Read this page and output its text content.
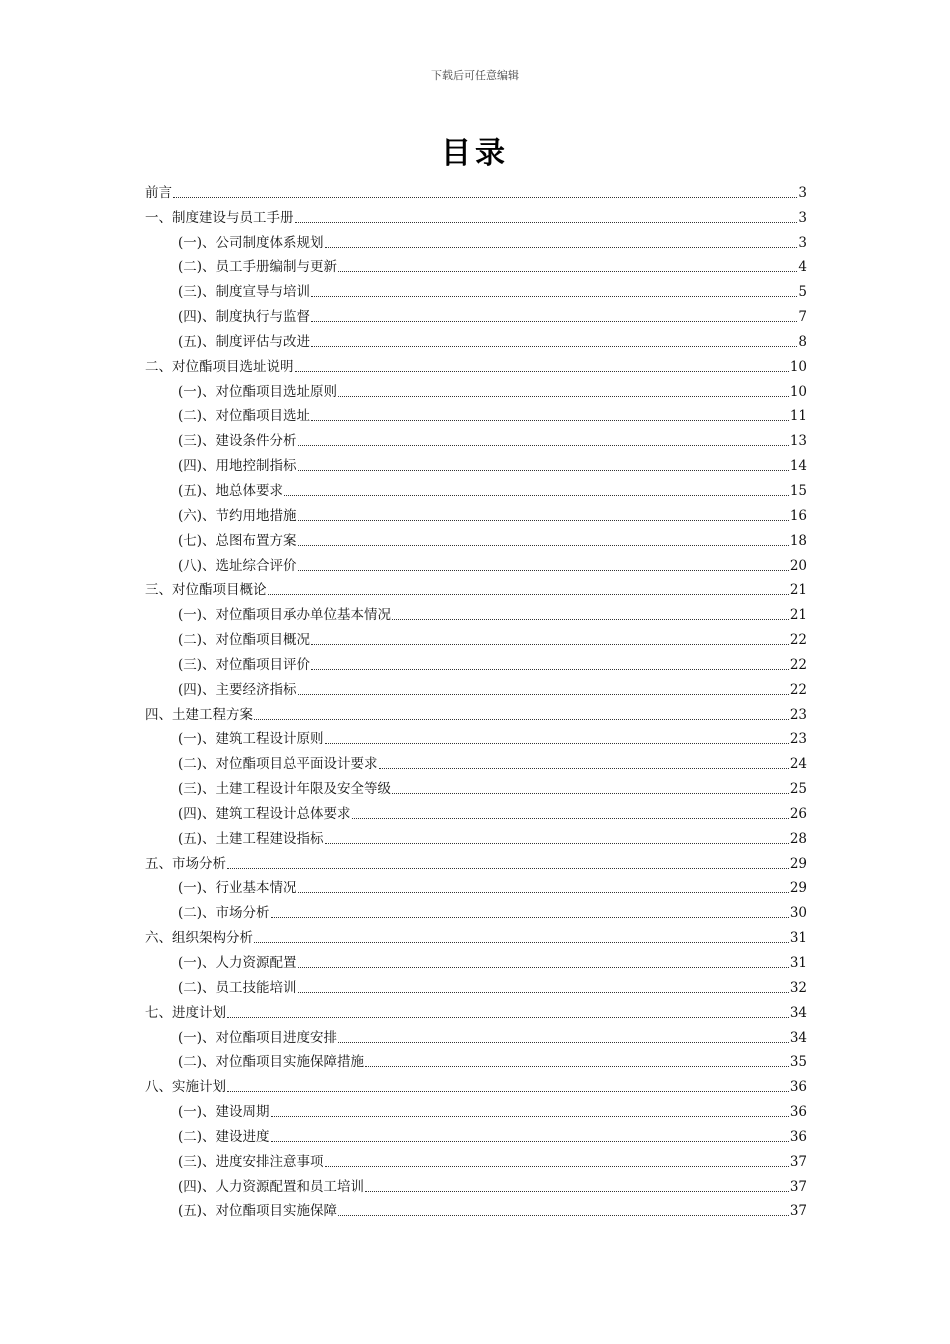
下载后可任意编辑
目录
前言	3
一、制度建设与员工手册	3
(一)、公司制度体系规划	3
(二)、员工手册编制与更新	4
(三)、制度宣导与培训	5
(四)、制度执行与监督	7
(五)、制度评估与改进	8
二、对位酯项目选址说明	10
(一)、对位酯项目选址原则	10
(二)、对位酯项目选址	11
(三)、建设条件分析	13
(四)、用地控制指标	14
(五)、地总体要求	15
(六)、节约用地措施	16
(七)、总图布置方案	18
(八)、选址综合评价	20
三、对位酯项目概论	21
(一)、对位酯项目承办单位基本情况	21
(二)、对位酯项目概况	22
(三)、对位酯项目评价	22
(四)、主要经济指标	22
四、土建工程方案	23
(一)、建筑工程设计原则	23
(二)、对位酯项目总平面设计要求	24
(三)、土建工程设计年限及安全等级	25
(四)、建筑工程设计总体要求	26
(五)、土建工程建设指标	28
五、市场分析	29
(一)、行业基本情况	29
(二)、市场分析	30
六、组织架构分析	31
(一)、人力资源配置	31
(二)、员工技能培训	32
七、进度计划	34
(一)、对位酯项目进度安排	34
(二)、对位酯项目实施保障措施	35
八、实施计划	36
(一)、建设周期	36
(二)、建设进度	36
(三)、进度安排注意事项	37
(四)、人力资源配置和员工培训	37
(五)、对位酯项目实施保障	37
